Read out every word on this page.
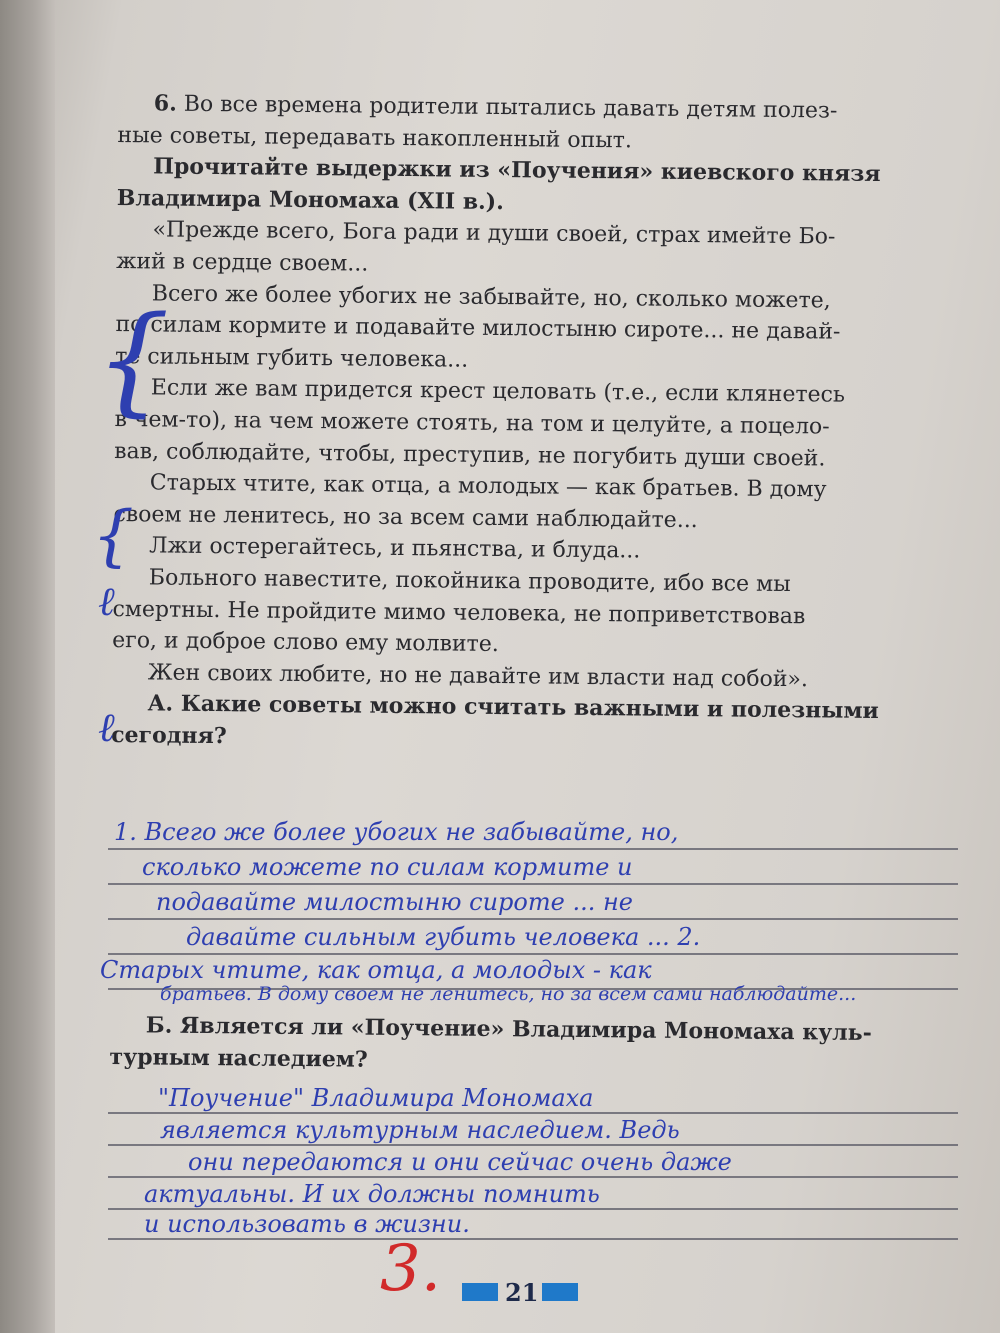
6. Во все времена родители пытались давать детям полез-

ные советы, передавать накопленный опыт.

Прочитайте выдержки из «Поучения» киевского князя

Владимира Мономаха (XII в.).

«Прежде всего, Бога ради и души своей, страх имейте Бо-

жий в сердце своем...

Всего же более убогих не забывайте, но, сколько можете,

по силам кормите и подавайте милостыню сироте... не давай-

те сильным губить человека...

Если же вам придется крест целовать (т.е., если клянетесь

в чем-то), на чем можете стоять, на том и целуйте, а поцело-

вав, соблюдайте, чтобы, преступив, не погубить души своей.

Старых чтите, как отца, а молодых — как братьев. В дому

своем не ленитесь, но за всем сами наблюдайте...

Лжи остерегайтесь, и пьянства, и блуда...

Больного навестите, покойника проводите, ибо все мы

смертны. Не пройдите мимо человека, не поприветствовав

его, и доброе слово ему молвите.

Жен своих любите, но не давайте им власти над собой».

А. Какие советы можно считать важными и полезными

сегодня?

{
{
ℓ
ℓ
1. Всего же более убогих не забывайте, но,
сколько можете по силам кормите и
подавайте милостыню сироте ... не
давайте сильным губить человека ... 2.
Старых чтите, как отца, а молодых - как
братьев. В дому своем не ленитесь, но за всем сами наблюдайте...

Б. Является ли «Поучение» Владимира Мономаха куль-

турным наследием?

"Поучение" Владимира Мономаха
является культурным наследием. Ведь
они передаются и они сейчас очень даже
актуальны. И их должны помнить
и использовать в жизни.
3.	21
